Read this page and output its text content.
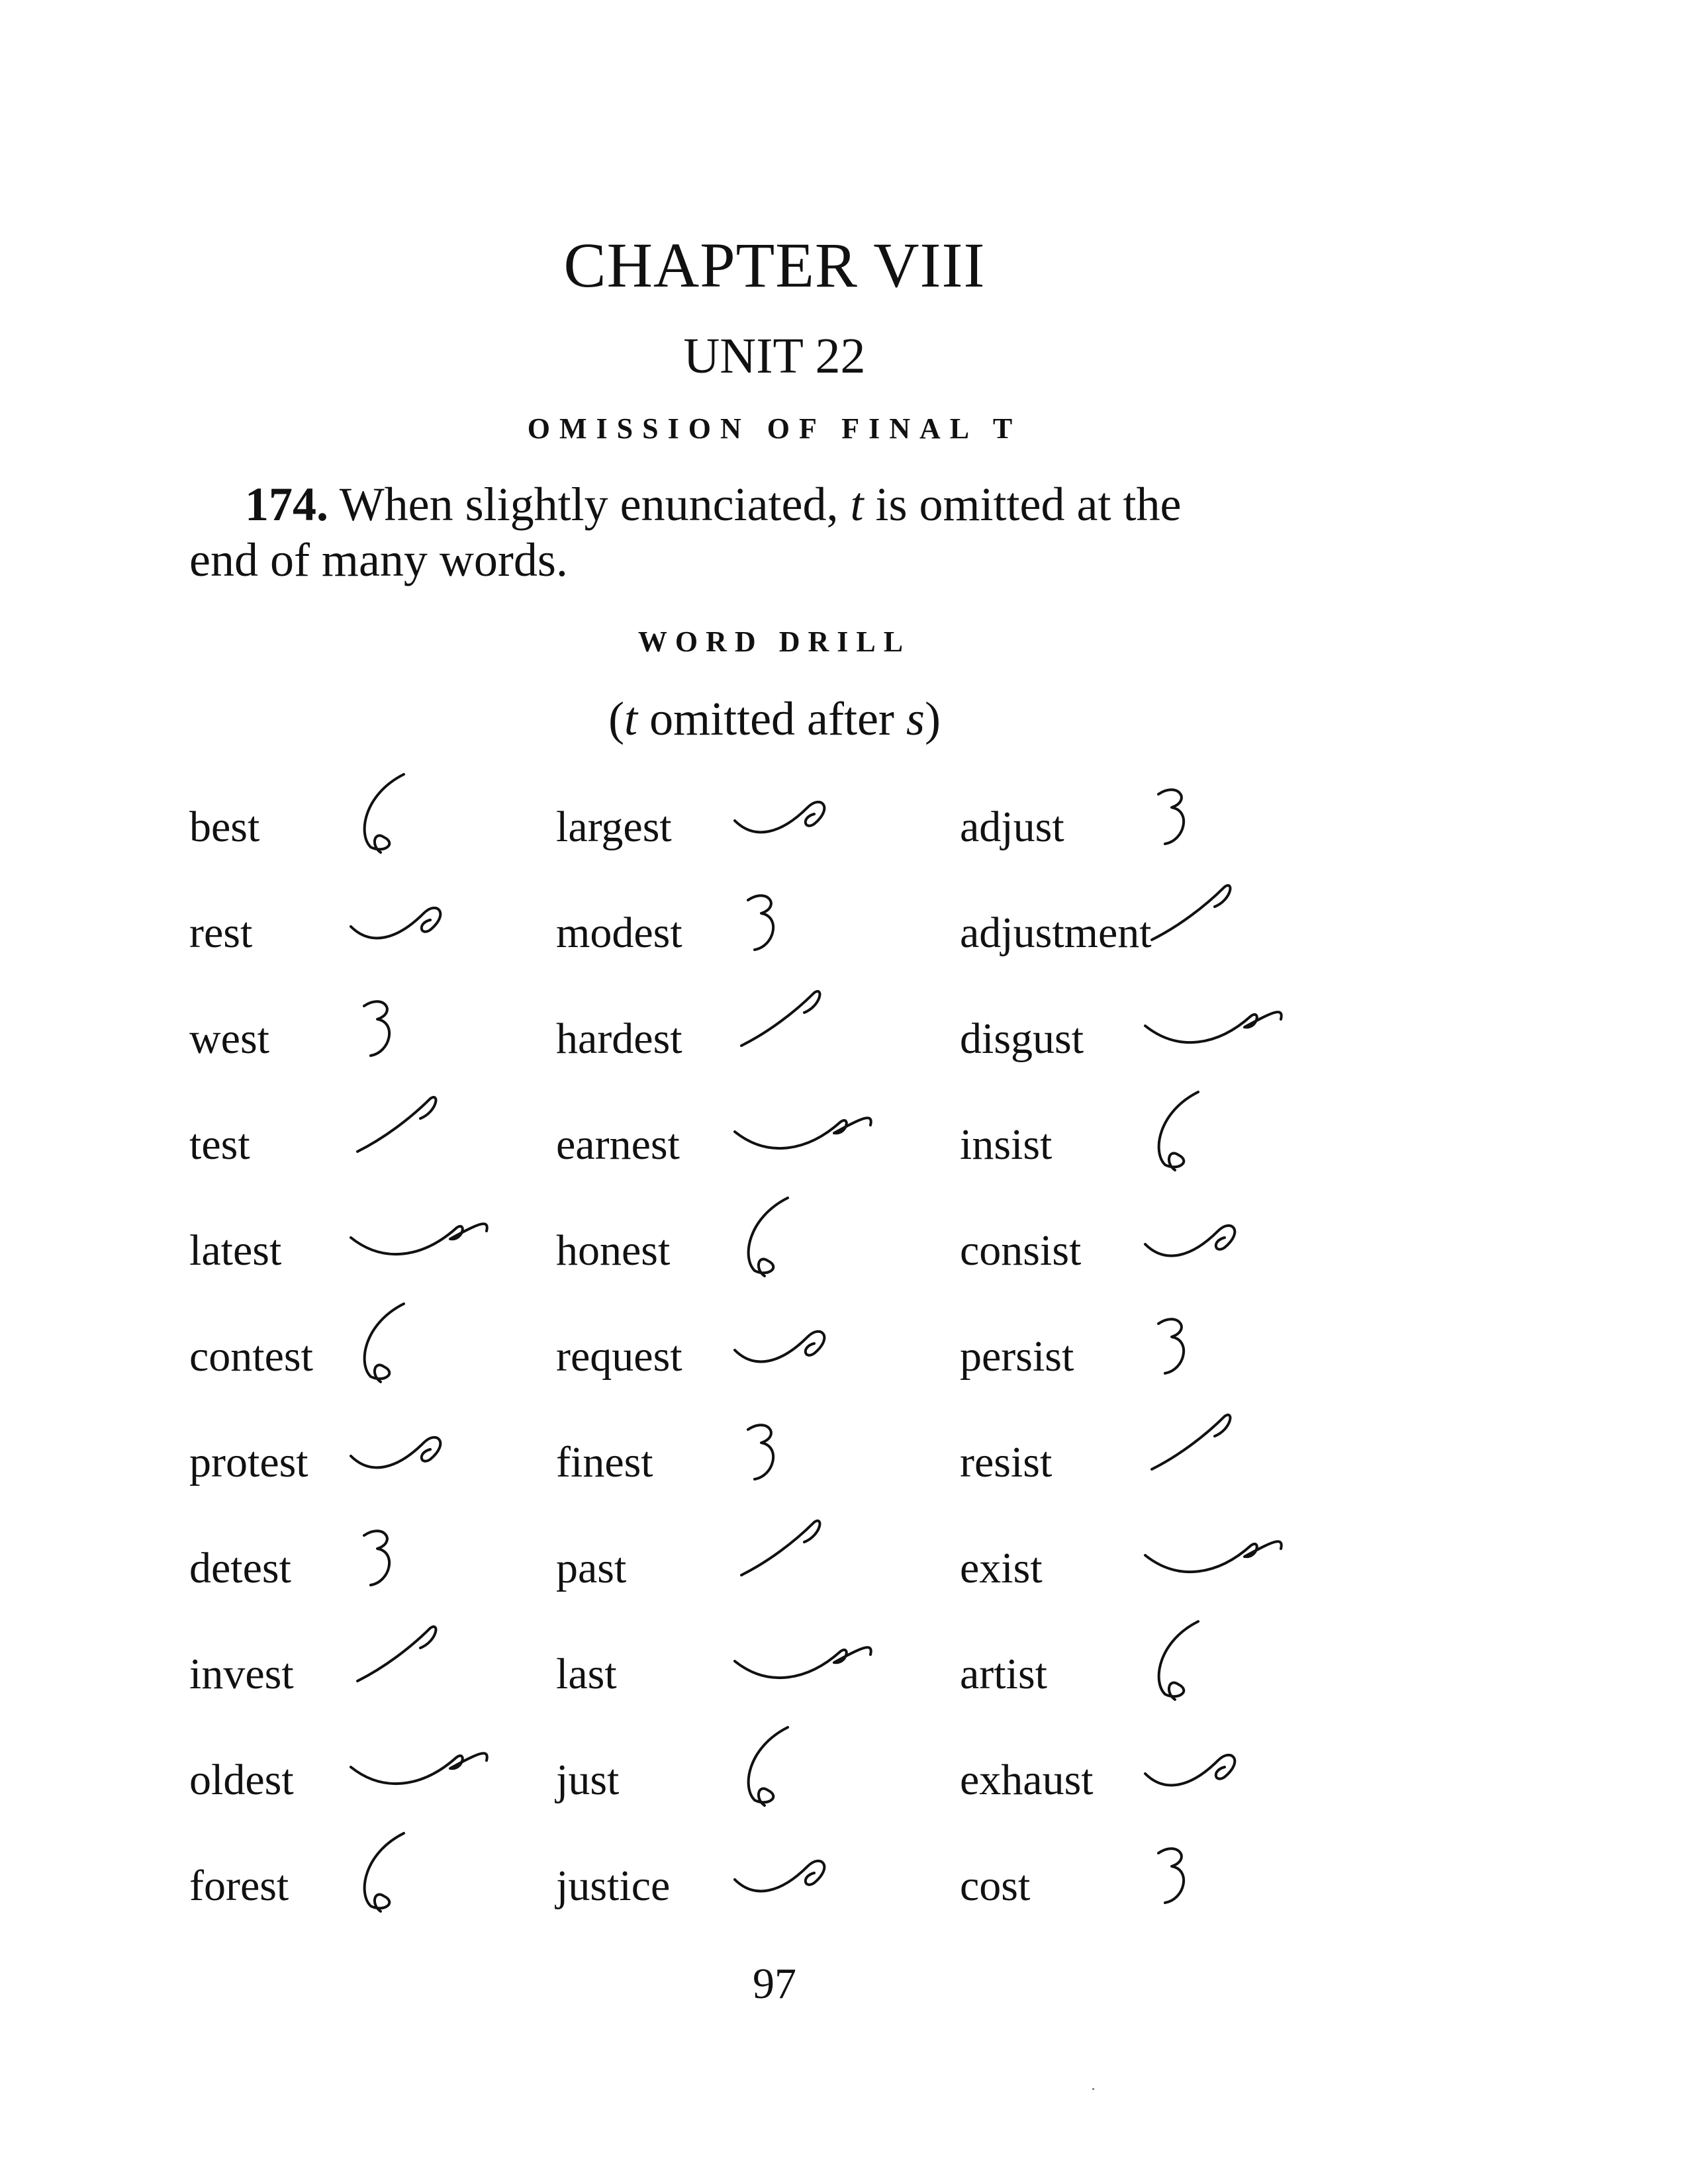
CHAPTER VIII
UNIT 22
OMISSION OF FINAL T
174. When slightly enunciated, t is omitted at the
end of many words.
WORD DRILL
(t omitted after s)
best
rest
west
test
latest
contest
protest
detest
invest
oldest
forest
largest
modest
hardest
earnest
honest
request
finest
past
last
just
justice
adjust
adjustment
disgust
insist
consist
persist
resist
exist
artist
exhaust
cost
97
